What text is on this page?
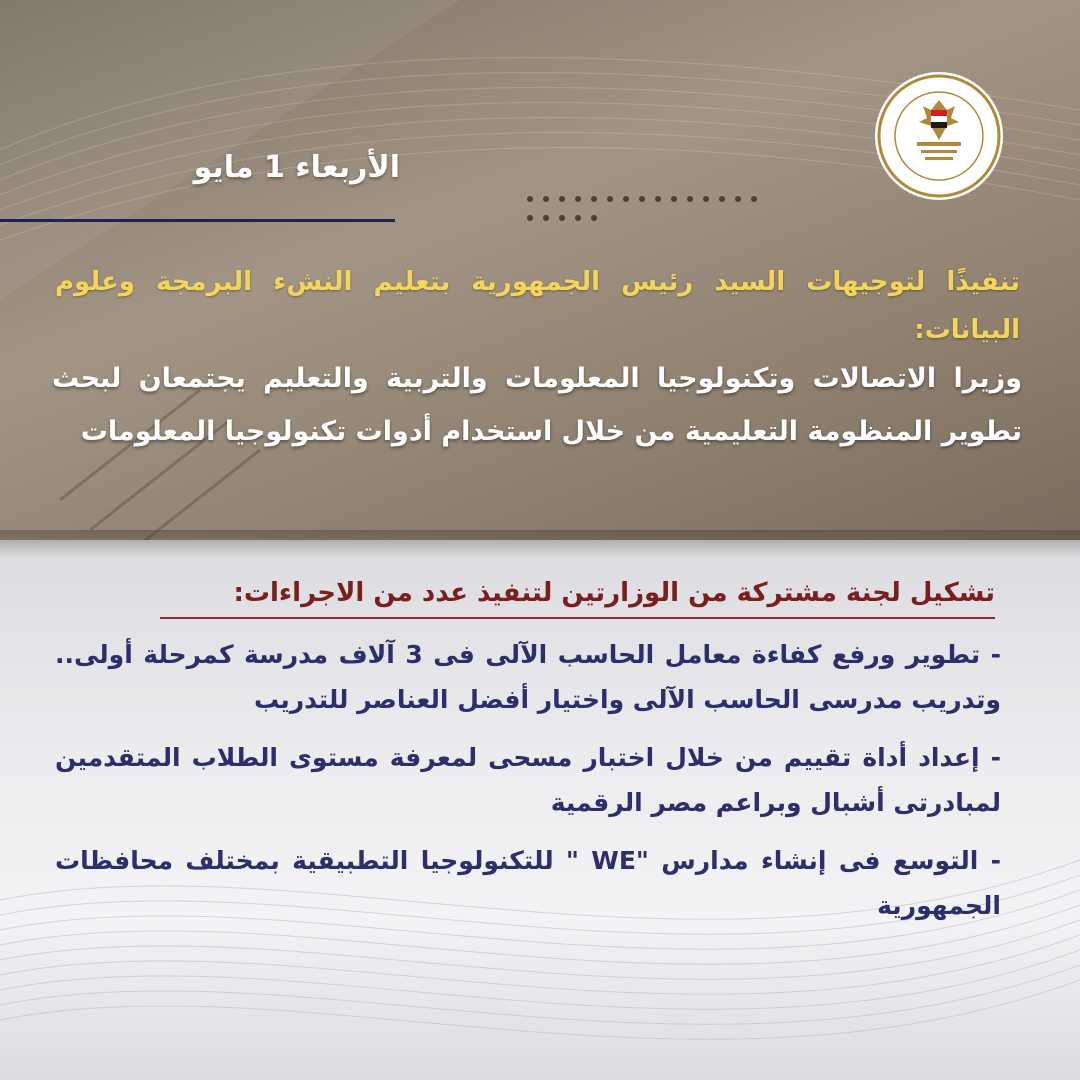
الأربعاء 1 مايو
تنفيذًا لتوجيهات السيد رئيس الجمهورية بتعليم النشء البرمجة وعلوم البيانات:
وزيرا الاتصالات وتكنولوجيا المعلومات والتربية والتعليم يجتمعان لبحث تطوير المنظومة التعليمية من خلال استخدام أدوات تكنولوجيا المعلومات
تشكيل لجنة مشتركة من الوزارتين لتنفيذ عدد من الاجراءات:
- تطوير ورفع كفاءة معامل الحاسب الآلى فى 3 آلاف مدرسة كمرحلة أولى.. وتدريب مدرسى الحاسب الآلى واختيار أفضل العناصر للتدريب
- إعداد أداة تقييم من خلال اختبار مسحى لمعرفة مستوى الطلاب المتقدمين لمبادرتى أشبال وبراعم مصر الرقمية
- التوسع فى إنشاء مدارس "WE " للتكنولوجيا التطبيقية بمختلف محافظات الجمهورية
